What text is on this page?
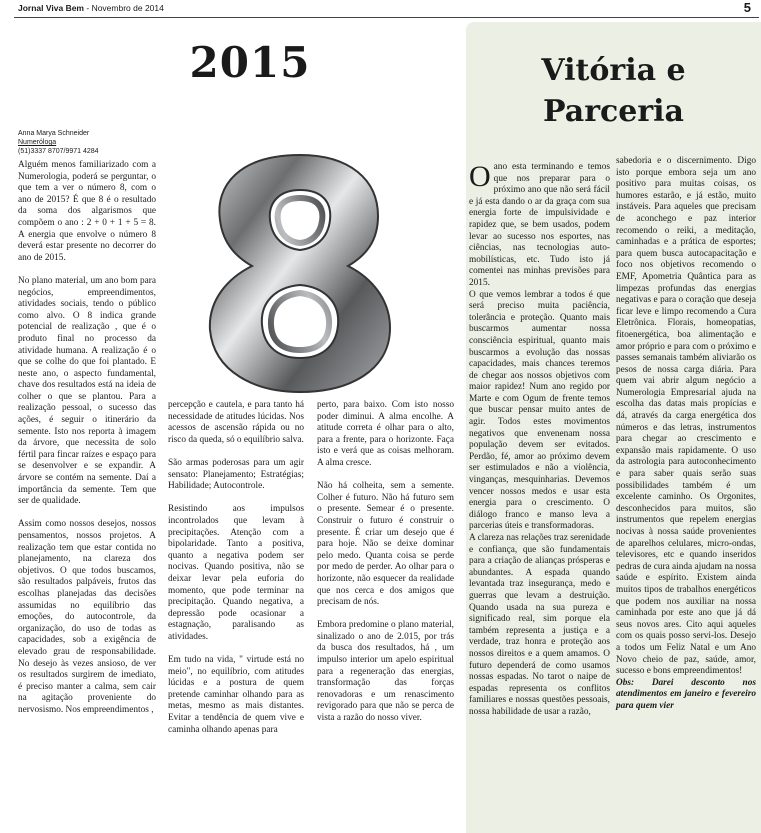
Jornal Viva Bem - Novembro de 2014	5
2015
Anna Marya Schneider
Numeróloga
(51)3337 8707/9971 4284

Alguém menos familiarizado com a Numerologia, poderá se perguntar, o que tem a ver o número 8, com o ano de 2015? É que 8 é o resultado da soma dos algarismos que compõem o ano : 2 + 0 + 1 + 5 = 8. A energia que envolve o número 8 deverá estar presente no decorrer do ano de 2015.

No plano material, um ano bom para negócios, empreendimentos, atividades sociais, tendo o público como alvo. O 8 indica grande potencial de realização , que é o produto final no processo da atividade humana. A realização é o que se colhe do que foi plantado. E neste ano, o aspecto fundamental, chave dos resultados está na ideia de colher o que se plantou. Para a realização pessoal, o sucesso das ações, é seguir o itinerário da semente. Isto nos reporta à imagem da árvore, que necessita de solo fértil para fincar raízes e espaço para se desenvolver e se expandir. A árvore se contém na semente. Daí a importância da semente. Tem que ser de qualidade.

Assim como nossos desejos, nossos pensamentos, nossos projetos. A realização tem que estar contida no planejamento, na clareza dos objetivos. O que todos buscamos, são resultados palpáveis, frutos das escolhas planejadas das decisões assumidas no equilíbrio das emoções, do autocontrole, da organização, do uso de todas as capacidades, sob a exigência de elevado grau de responsabilidade. No desejo às vezes ansioso, de ver os resultados surgirem de imediato, é preciso manter a calma, sem cair na agitação proveniente do nervosismo. Nos empreendimentos ,

percepção e cautela, e para tanto há necessidade de atitudes lúcidas. Nos acessos de ascensão rápida ou no risco da queda, só o equilíbrio salva.

São armas poderosas para um agir sensato: Planejamento; Estratégias; Habilidade; Autocontrole.

Resistindo aos impulsos incontrolados que levam à precipitações. Atenção com a bipolaridade. Tanto a positiva, quanto a negativa podem ser nocivas. Quando positiva, não se deixar levar pela euforia do momento, que pode terminar na precipitação. Quando negativa, a depressão pode ocasionar a estagnação, paralisando as atividades.

Em tudo na vida, " virtude está no meio", no equilíbrio, com atitudes lúcidas e a postura de quem pretende caminhar olhando para as metas, mesmo as mais distantes. Evitar a tendência de quem vive e caminha olhando apenas para

perto, para baixo. Com isto nosso poder diminui. A alma encolhe. A atitude correta é olhar para o alto, para a frente, para o horizonte. Faça isto e verá que as coisas melhoram. A alma cresce.

Não há colheita, sem a semente. Colher é futuro. Não há futuro sem o presente. Semear é o presente. Construir o futuro é construir o presente. É criar um desejo que é para hoje. Não se deixe dominar pelo medo. Quanta coisa se perde por medo de perder. Ao olhar para o horizonte, não esquecer da realidade que nos cerca e dos amigos que precisam de nós.

Embora predomine o plano material, sinalizado o ano de 2.015, por trás da busca dos resultados, há , um impulso interior um apelo espiritual para a regeneração das energias, transformação das forças renovadoras e um renascimento revigorado para que não se perca de vista a razão do nosso viver.

Vitória e Parceria

Oano esta terminando e temos que nos preparar para o próximo ano que não será fácil e já esta dando o ar da graça com sua energia forte de impulsividade e rapidez que, se bem usados, podem levar ao sucesso nos esportes, nas ciências, nas tecnologias auto-mobilísticas, etc. Tudo isto já comentei nas minhas previsões para 2015.

O que vemos lembrar a todos é que será preciso muita paciência, tolerância e proteção. Quanto mais buscarmos aumentar nossa consciência espiritual, quanto mais buscarmos a evolução das nossas capacidades, mais chances teremos de chegar aos nossos objetivos com maior rapidez! Num ano regido por Marte e com Ogum de frente temos que buscar pensar muito antes de agir. Todos estes movimentos negativos que envenenam nossa população devem ser evitados. Perdão, fé, amor ao próximo devem ser estimulados e não a violência, vinganças, mesquinharias. Devemos vencer nossos medos e usar esta energia para o crescimento. O diálogo franco e manso leva a parcerias úteis e transformadoras.

A clareza nas relações traz serenidade e confiança, que são fundamentais para a criação de alianças prósperas e abundantes. A espada quando levantada traz insegurança, medo e guerras que levam a destruição. Quando usada na sua pureza e significado real, sim porque ela também representa a justiça e a verdade, traz honra e proteção aos nossos direitos e a quem amamos. O futuro dependerá de como usamos nossas espadas. No tarot o naipe de espadas representa os conflitos familiares e nossas questões pessoais, nossa habilidade de usar a razão,

sabedoria e o discernimento. Digo isto porque embora seja um ano positivo para muitas coisas, os humores estarão, e já estão, muito instáveis. Para aqueles que precisam de aconchego e paz interior recomendo o reiki, a meditação, caminhadas e a prática de esportes; para quem busca autocapacitação e foco nos objetivos recomendo o EMF, Apometria Quântica para as limpezas profundas das energias negativas e para o coração que deseja ficar leve e limpo recomendo a Cura Eletrônica. Florais, homeopatias, fitoenergética, boa alimentação e amor próprio e para com o próximo e passes semanais também aliviarão os pesos de nossa carga diária. Para quem vai abrir algum negócio a Numerologia Empresarial ajuda na escolha das datas mais propícias e dá, através da carga energética dos números e das letras, instrumentos para chegar ao crescimento e expansão mais rapidamente. O uso da astrologia para autoconhecimento e para saber quais serão suas possibilidades também é um excelente caminho. Os Orgonites, desconhecidos para muitos, são instrumentos que repelem energias nocivas à nossa saúde provenientes de aparelhos celulares, micro-ondas, televisores, etc e quando inseridos pedras de cura ainda ajudam na nossa saúde e espírito. Existem ainda muitos tipos de trabalhos energéticos que podem nos auxiliar na nossa caminhada por este ano que já dá seus novos ares. Cito aqui aqueles com os quais posso servi-los. Desejo a todos um Feliz Natal e um Ano Novo cheio de paz, saúde, amor, sucesso e bons empreendimentos!

Obs: Darei desconto nos atendimentos em janeiro e fevereiro para quem vier
